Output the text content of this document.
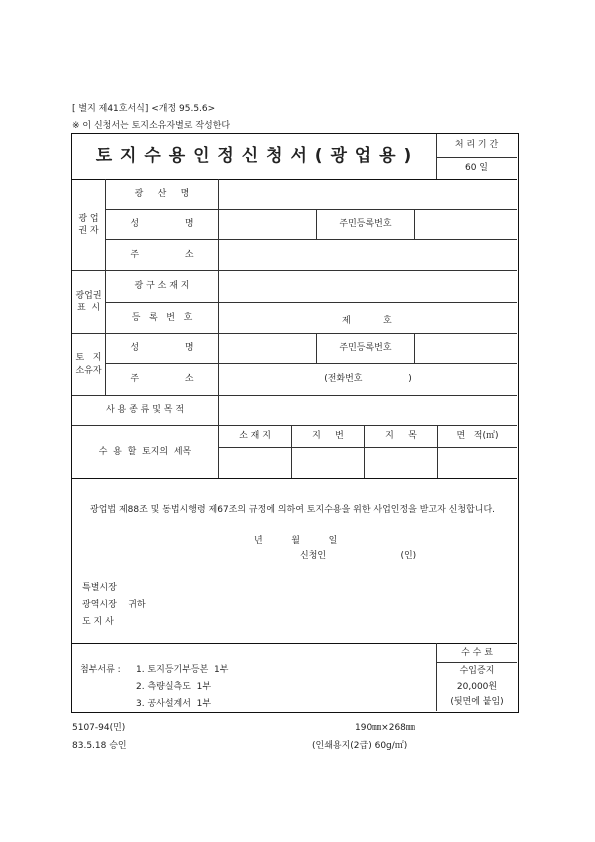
[ 별지 제41호서식] <개정 95.5.6>
※ 이 신청서는 토지소유자별로 작성한다
토 지 수 용 인 정 신 청 서 ( 광 업 용 )
처 리 기 간
60 일
광 업
권 자
광     산     명
성                명	주민등록번호
주                소
광업권
표  시
광 구 소 재 지
등   록   번   호	제	호
토   지
소유자
성                명	주민등록번호
주                소	(전화번호                )
사 용 종 류 및 목 적
수  용  할  토지의  세목
소 재 지	지     번	지     목	면   적(㎡)
광업법 제88조 및 동법시행령 제67조의 규정에 의하여 토지수용을 위한 사업인정을 받고자 신청합니다.
년          월          일
신청인                          (인)
특별시장
광역시장    귀하
도 지 사
첨부서류 : 1. 토지등기부등본  1부
2. 측량실측도  1부
3. 공사설계서  1부
수 수 료
수입증지
20,000원
(뒷면에 붙임)
5107-94(민)	190㎜×268㎜
83.5.18 승인	(인쇄용지(2급) 60g/㎡)
